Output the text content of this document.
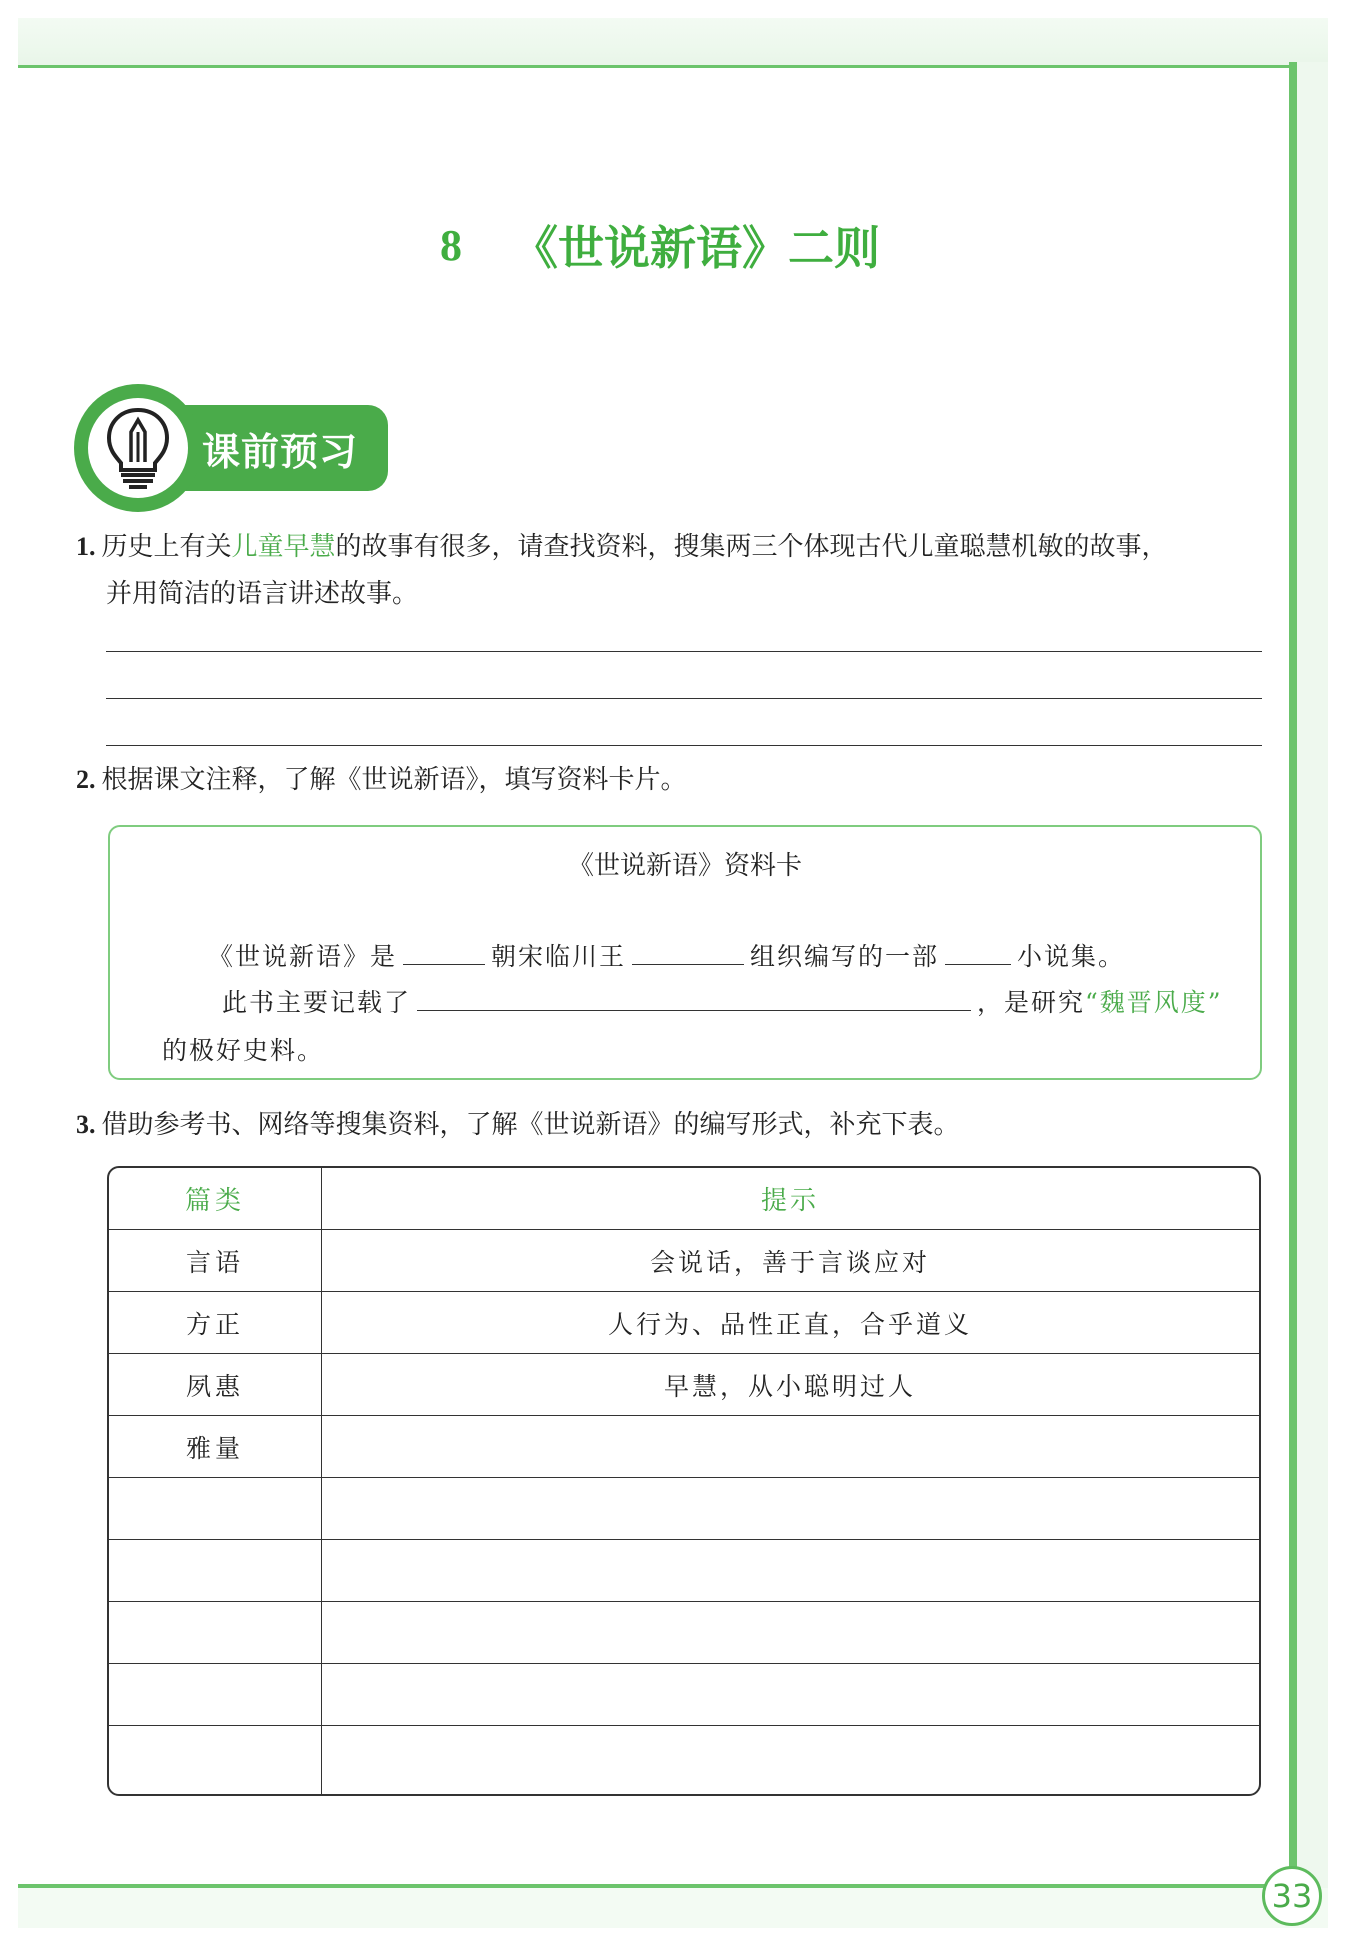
8 《世说新语》二则
课前预习
1. 历史上有关儿童早慧的故事有很多，请查找资料，搜集两三个体现古代儿童聪慧机敏的故事，
并用简洁的语言讲述故事。
2. 根据课文注释，了解《世说新语》，填写资料卡片。
《世说新语》资料卡
《世说新语》是	朝宋临川王	组织编写的一部	小说集。
此书主要记载了	，是研究“魏晋风度”
的极好史料。
3. 借助参考书、网络等搜集资料，了解《世说新语》的编写形式，补充下表。
篇类	提示
言语	会说话，善于言谈应对
方正	人行为、品性正直，合乎道义
夙惠	早慧，从小聪明过人
雅量
33
